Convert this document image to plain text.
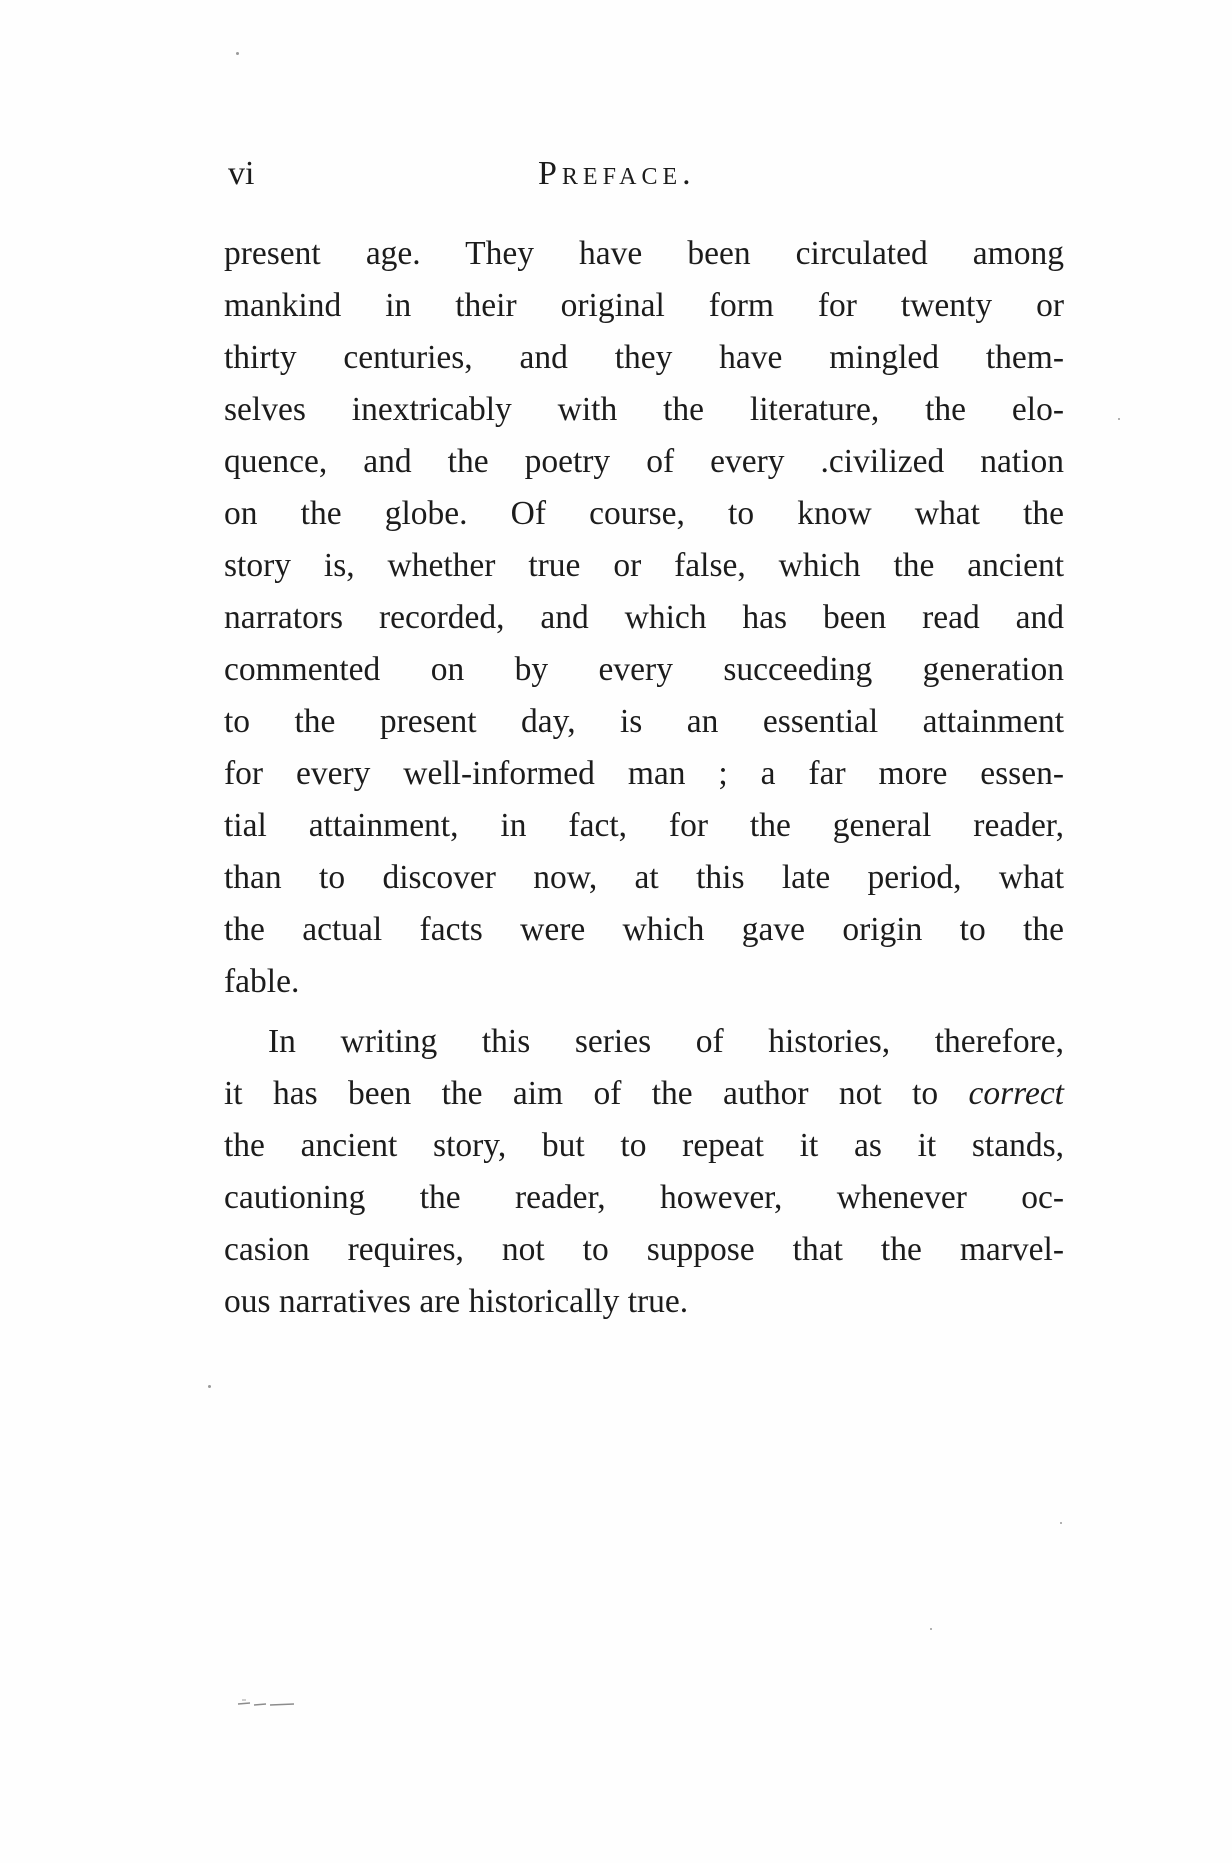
vi	Preface.
present age. They have been circulated among
mankind in their original form for twenty or
thirty centuries, and they have mingled them-
selves inextricably with the literature, the elo-
quence, and the poetry of every .civilized nation
on the globe. Of course, to know what the
story is, whether true or false, which the ancient
narrators recorded, and which has been read and
commented on by every succeeding generation
to the present day, is an essential attainment
for every well-informed man ; a far more essen-
tial attainment, in fact, for the general reader,
than to discover now, at this late period, what
the actual facts were which gave origin to the
fable.
In writing this series of histories, therefore,
it has been the aim of the author not to correct
the ancient story, but to repeat it as it stands,
cautioning the reader, however, whenever oc-
casion requires, not to suppose that the marvel-
ous narratives are historically true.
